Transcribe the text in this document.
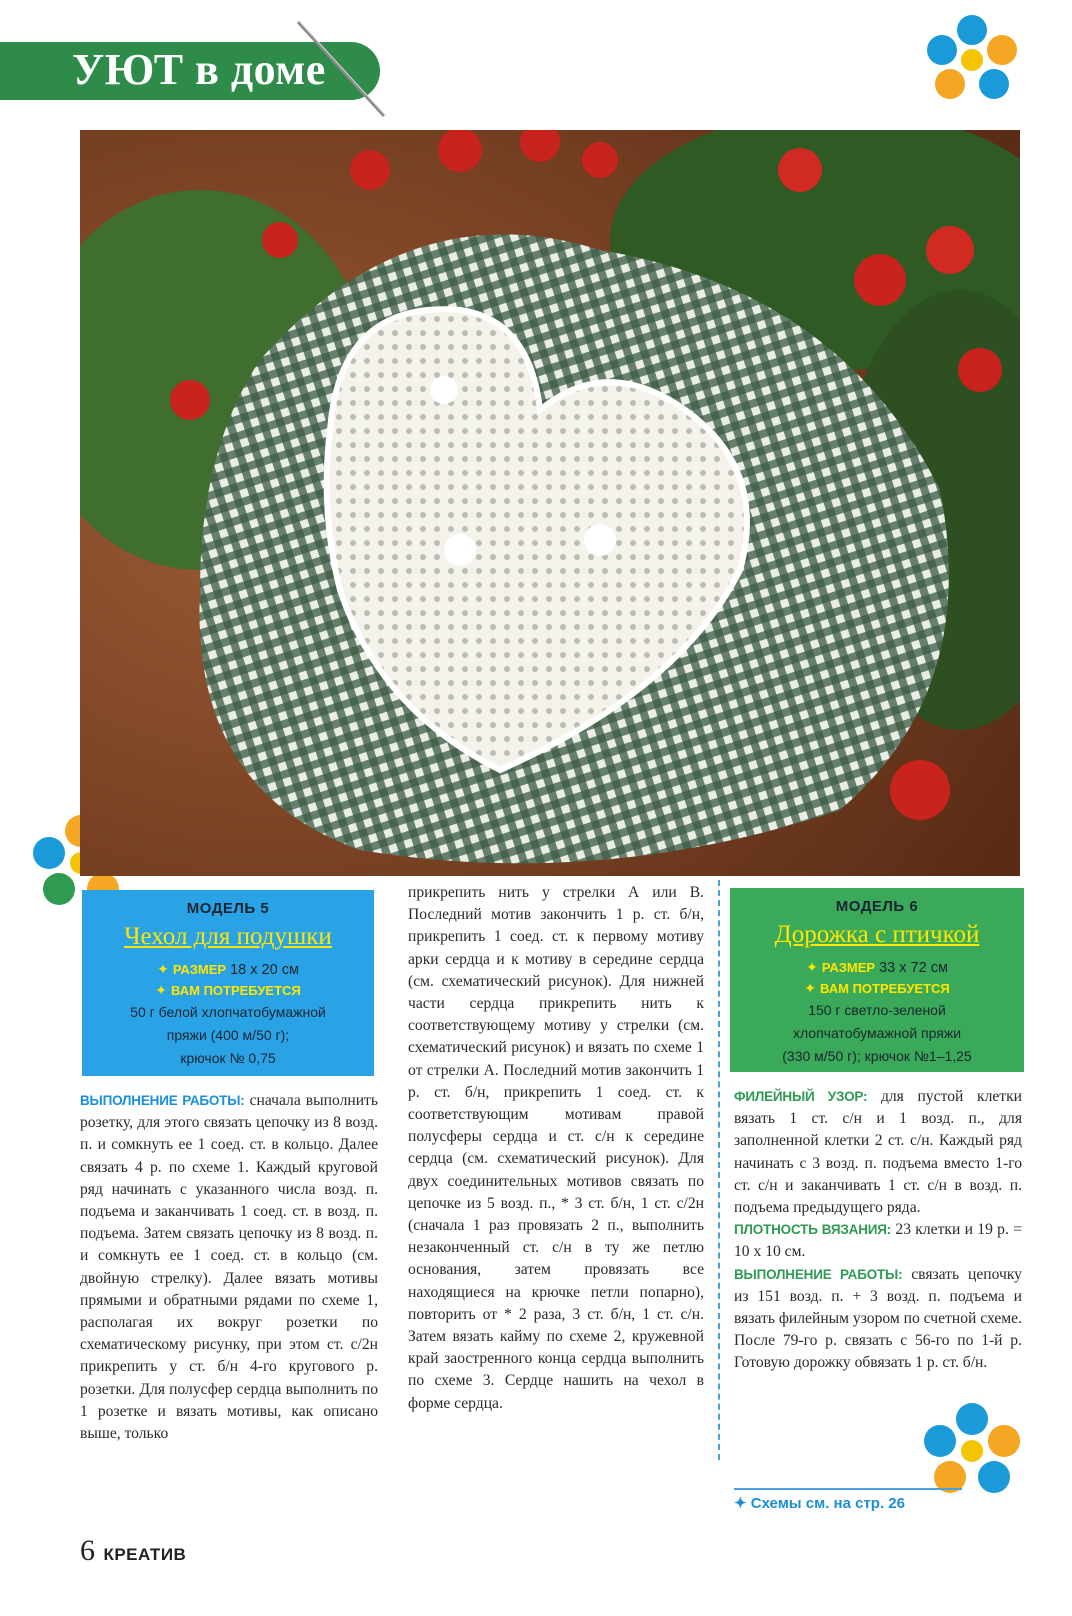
УЮТ в доме
МОДЕЛЬ 5
Чехол для подушки
✦ РАЗМЕР 18 х 20 см
✦ ВАМ ПОТРЕБУЕТСЯ
50 г белой хлопчатобумажной
пряжи (400 м/50 г);
крючок № 0,75
МОДЕЛЬ 6
Дорожка с птичкой
✦ РАЗМЕР 33 х 72 см
✦ ВАМ ПОТРЕБУЕТСЯ
150 г светло-зеленой
хлопчатобумажной пряжи
(330 м/50 г); крючок №1–1,25
ВЫПОЛНЕНИЕ РАБОТЫ: сначала выполнить розетку, для этого связать цепочку из 8 возд. п. и сомкнуть ее 1 соед. ст. в кольцо. Далее связать 4 р. по схеме 1. Каждый круговой ряд начинать с указанного числа возд. п. подъема и заканчивать 1 соед. ст. в возд. п. подъема. Затем связать цепочку из 8 возд. п. и сомкнуть ее 1 соед. ст. в кольцо (см. двойную стрелку). Далее вязать мотивы прямыми и обратными рядами по схеме 1, располагая их вокруг розетки по схематическому рисунку, при этом ст. с/2н прикрепить у ст. б/н 4-го кругового р. розетки. Для полусфер сердца выполнить по 1 розетке и вязать мотивы, как описано выше, только
прикрепить нить у стрелки А или В. Последний мотив закончить 1 р. ст. б/н, прикрепить 1 соед. ст. к первому мотиву арки сердца и к мотиву в середине сердца (см. схематический рисунок). Для нижней части сердца прикрепить нить к соответствующему мотиву у стрелки (см. схематический рисунок) и вязать по схеме 1 от стрелки А. Последний мотив закончить 1 р. ст. б/н, прикрепить 1 соед. ст. к соответствующим мотивам правой полусферы сердца и ст. с/н к середине сердца (см. схематический рисунок). Для двух соединительных мотивов связать по цепочке из 5 возд. п., * 3 ст. б/н, 1 ст. с/2н (сначала 1 раз провязать 2 п., выполнить незаконченный ст. с/н в ту же петлю основания, затем провязать все находящиеся на крючке петли попарно), повторить от * 2 раза, 3 ст. б/н, 1 ст. с/н. Затем вязать кайму по схеме 2, кружевной край заостренного конца сердца выполнить по схеме 3. Сердце нашить на чехол в форме сердца.
ФИЛЕЙНЫЙ УЗОР: для пустой клетки вязать 1 ст. с/н и 1 возд. п., для заполненной клетки 2 ст. с/н. Каждый ряд начинать с 3 возд. п. подъема вместо 1-го ст. с/н и заканчивать 1 ст. с/н в возд. п. подъема предыдущего ряда.
ПЛОТНОСТЬ ВЯЗАНИЯ: 23 клетки и 19 р. = 10 х 10 см.
ВЫПОЛНЕНИЕ РАБОТЫ: связать цепочку из 151 возд. п. + 3 возд. п. подъема и вязать филейным узором по счетной схеме. После 79-го р. связать с 56-го по 1-й р. Готовую дорожку обвязать 1 р. ст. б/н.
✦ Схемы см. на стр. 26
6 КРЕАТИВ
